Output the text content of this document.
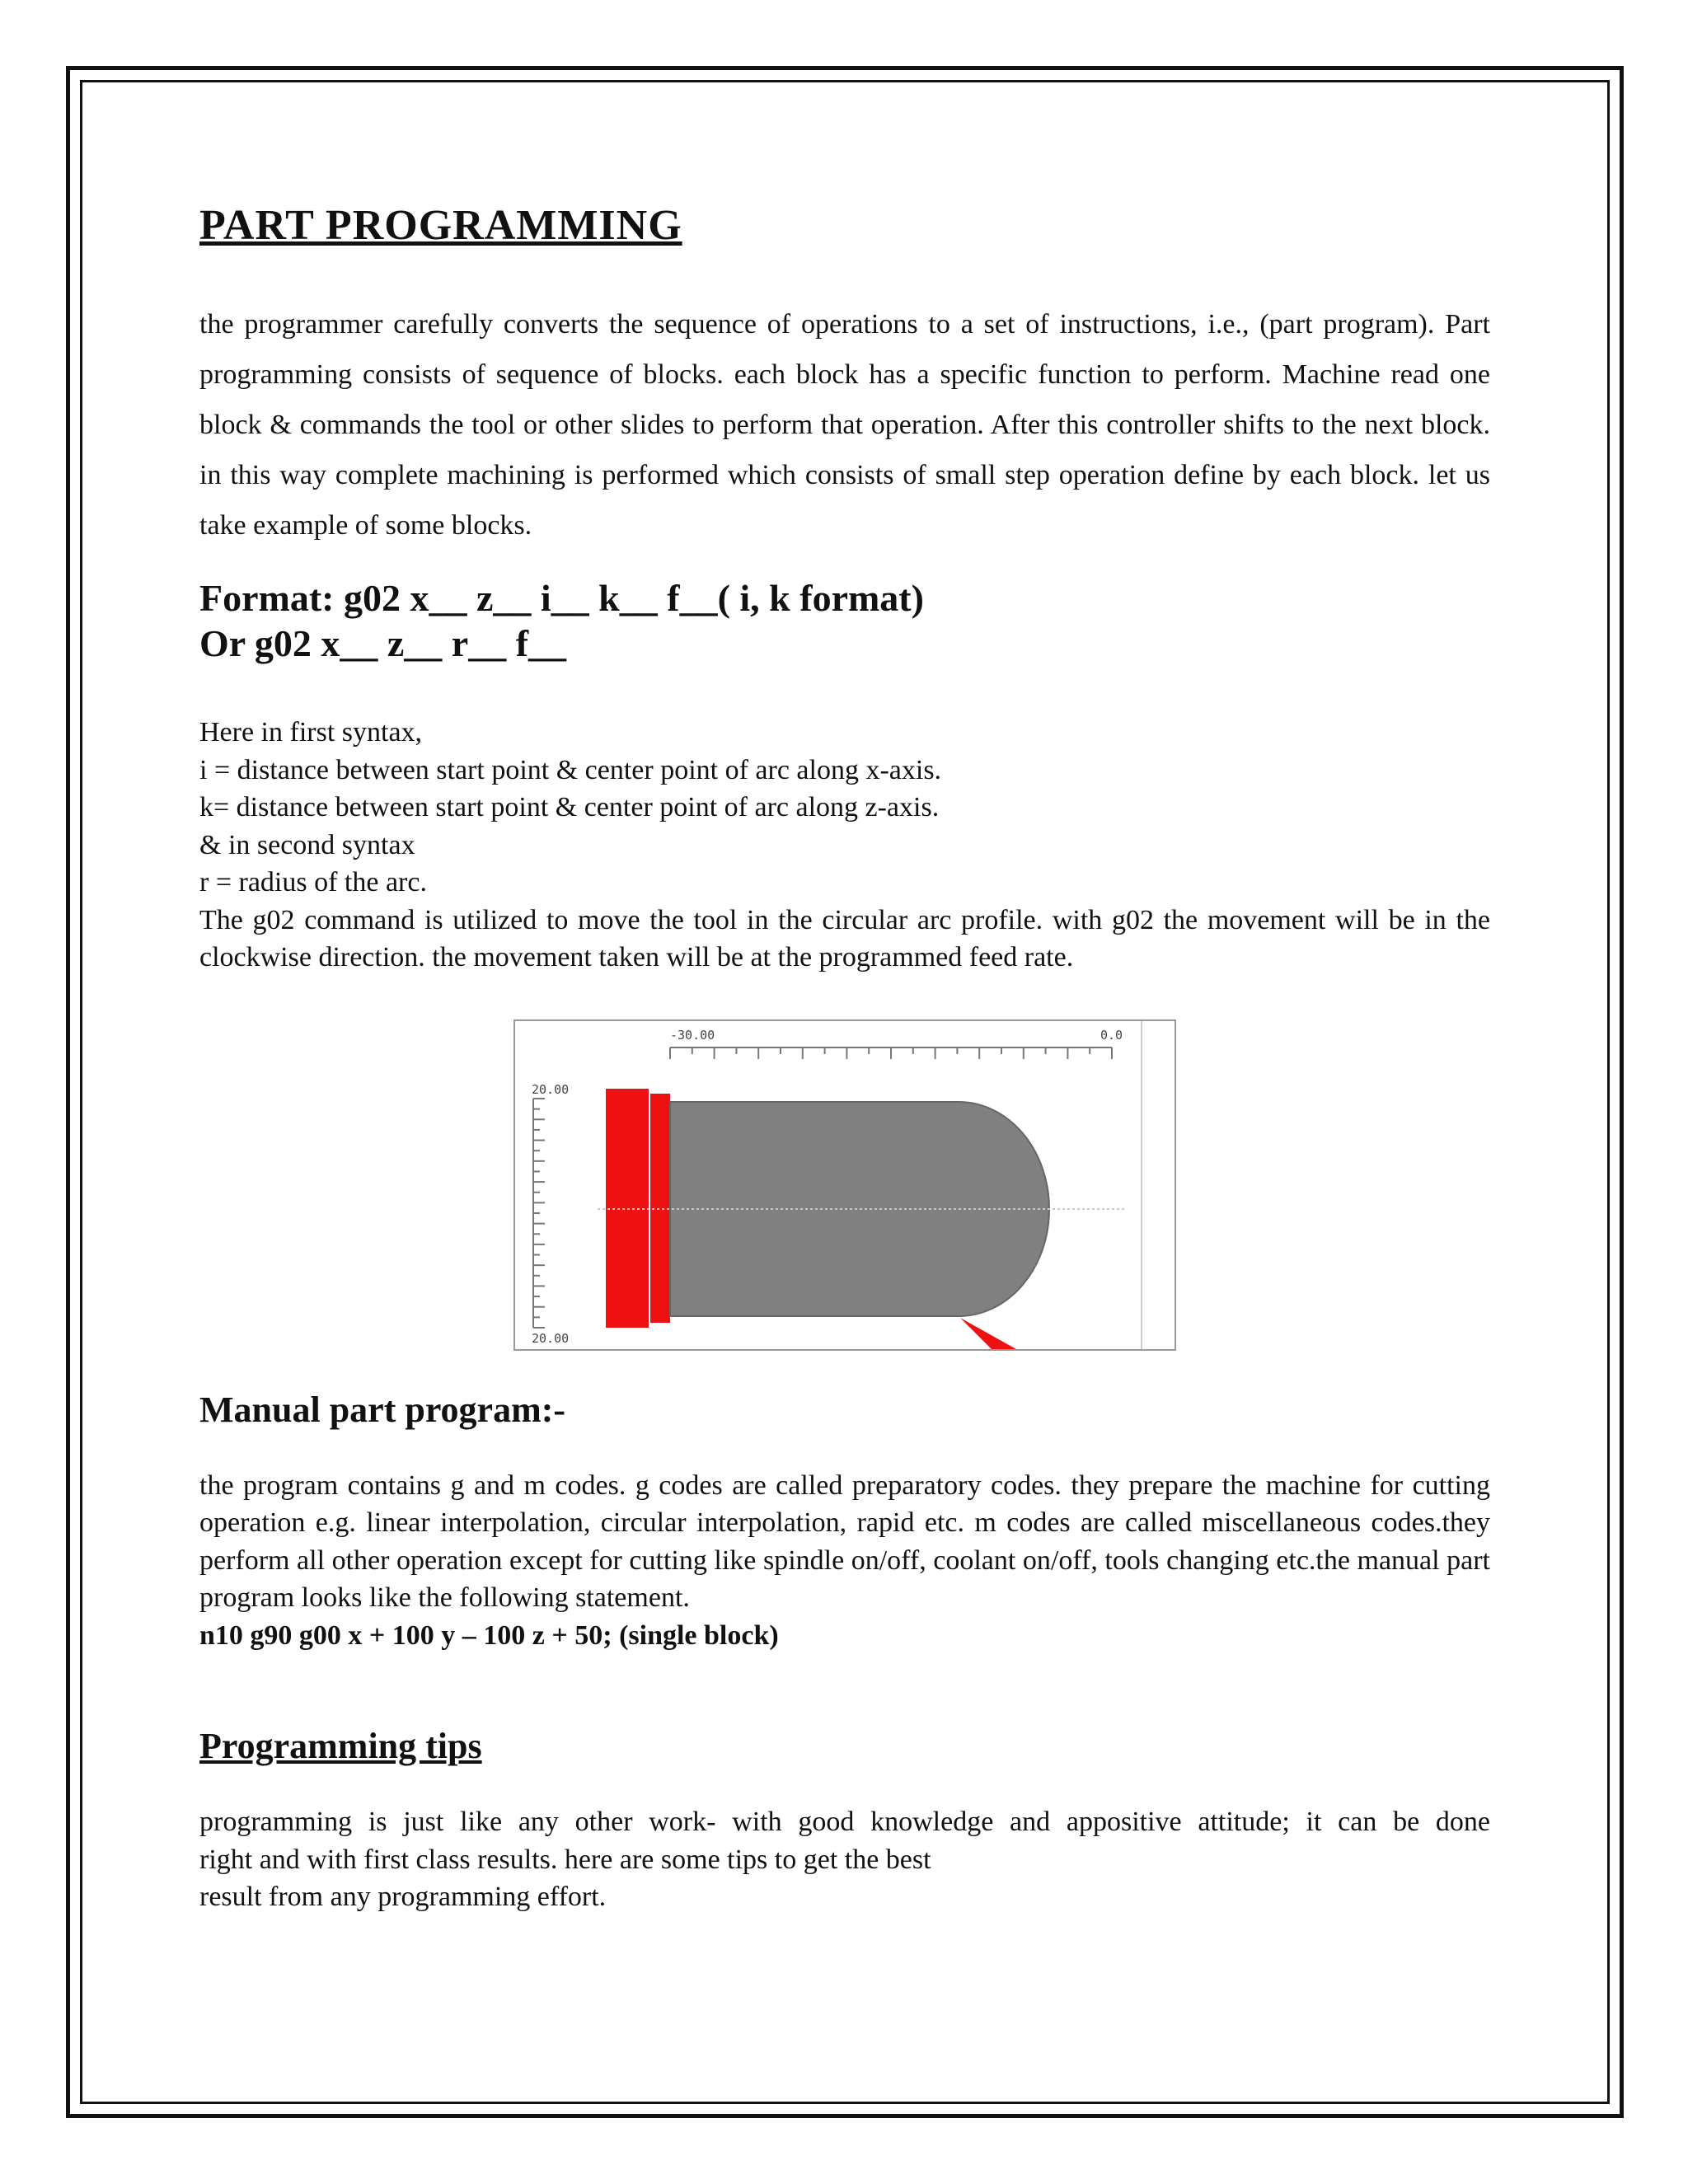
PART PROGRAMMING

the programmer carefully converts the sequence of operations to a set of instructions, i.e., (part program). Part programming consists of sequence of blocks. each block has a specific function to perform. Machine read one block & commands the tool or other slides to perform that operation. After this controller shifts to the next block. in this way complete machining is performed which consists of small step operation define by each block. let us take example of some blocks.

Format: g02 x__ z__ i__ k__ f__( i, k format)
Or g02 x__ z__ r__ f__

Here in first syntax,

i = distance between start point & center point of arc along x-axis.

k= distance between start point & center point of arc along z-axis.

& in second syntax

r = radius of the arc.

The g02 command is utilized to move the tool in the circular arc profile. with g02 the movement will be in the clockwise direction. the movement taken will be at the programmed feed rate.

-30.00	0.0
20.00
20.00
Manual part program:-

the program contains g and m codes. g codes are called preparatory codes. they prepare the machine for cutting operation e.g. linear interpolation, circular interpolation, rapid etc. m codes are called miscellaneous codes.they perform all other operation except for cutting like spindle on/off, coolant on/off, tools changing etc.the manual part program looks like the following statement.

n10 g90 g00 x + 100 y – 100 z + 50; (single block)

Programming tips
programming is just like any other work- with good knowledge and appositive attitude; it can be done
right and with first class results. here are some tips to get the best
result from any programming effort.
